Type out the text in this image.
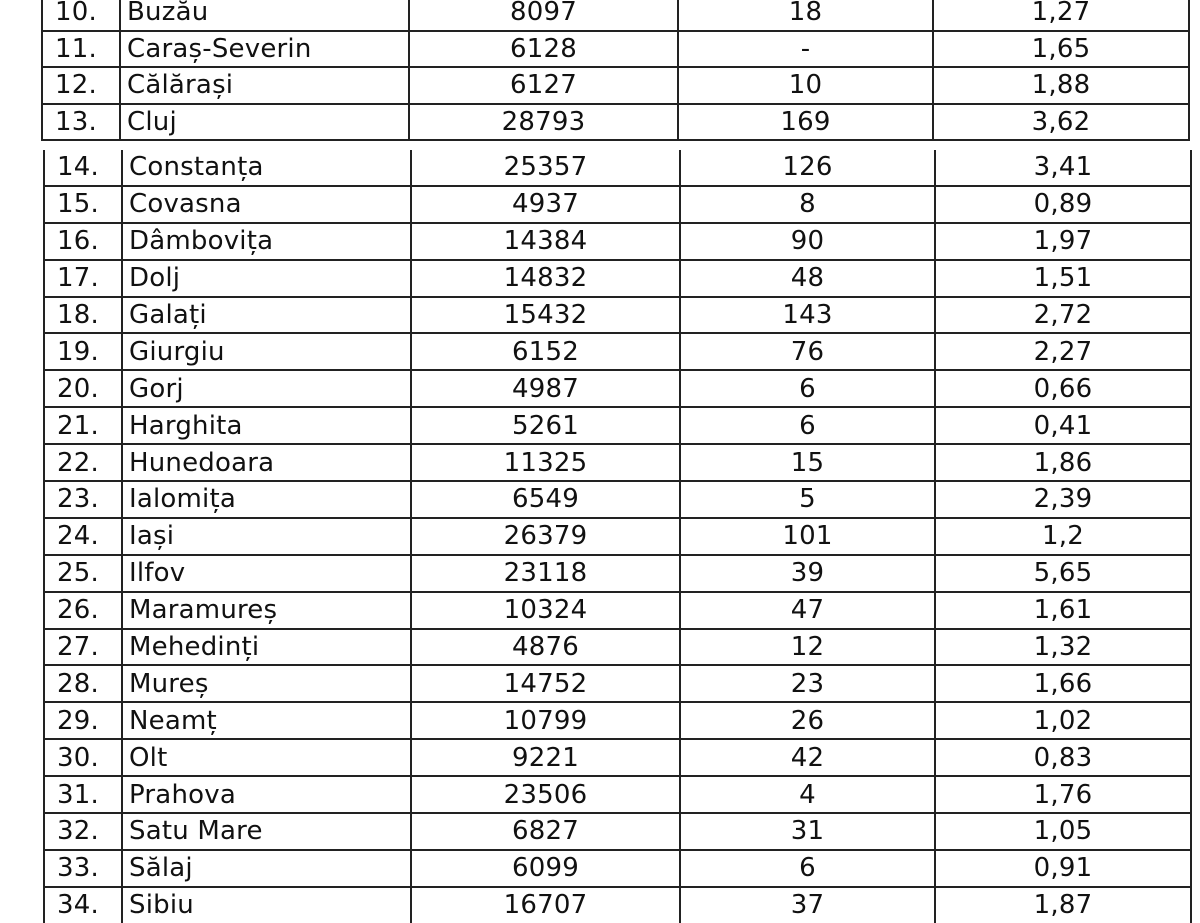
10.	Buzău	8097	18	1,27
11.	Caraș-Severin	6128	-	1,65
12.	Călărași	6127	10	1,88
13.	Cluj	28793	169	3,62
14.	Constanța	25357	126	3,41
15.	Covasna	4937	8	0,89
16.	Dâmbovița	14384	90	1,97
17.	Dolj	14832	48	1,51
18.	Galați	15432	143	2,72
19.	Giurgiu	6152	76	2,27
20.	Gorj	4987	6	0,66
21.	Harghita	5261	6	0,41
22.	Hunedoara	11325	15	1,86
23.	Ialomița	6549	5	2,39
24.	Iași	26379	101	1,2
25.	Ilfov	23118	39	5,65
26.	Maramureș	10324	47	1,61
27.	Mehedinți	4876	12	1,32
28.	Mureș	14752	23	1,66
29.	Neamț	10799	26	1,02
30.	Olt	9221	42	0,83
31.	Prahova	23506	4	1,76
32.	Satu Mare	6827	31	1,05
33.	Sălaj	6099	6	0,91
34.	Sibiu	16707	37	1,87
